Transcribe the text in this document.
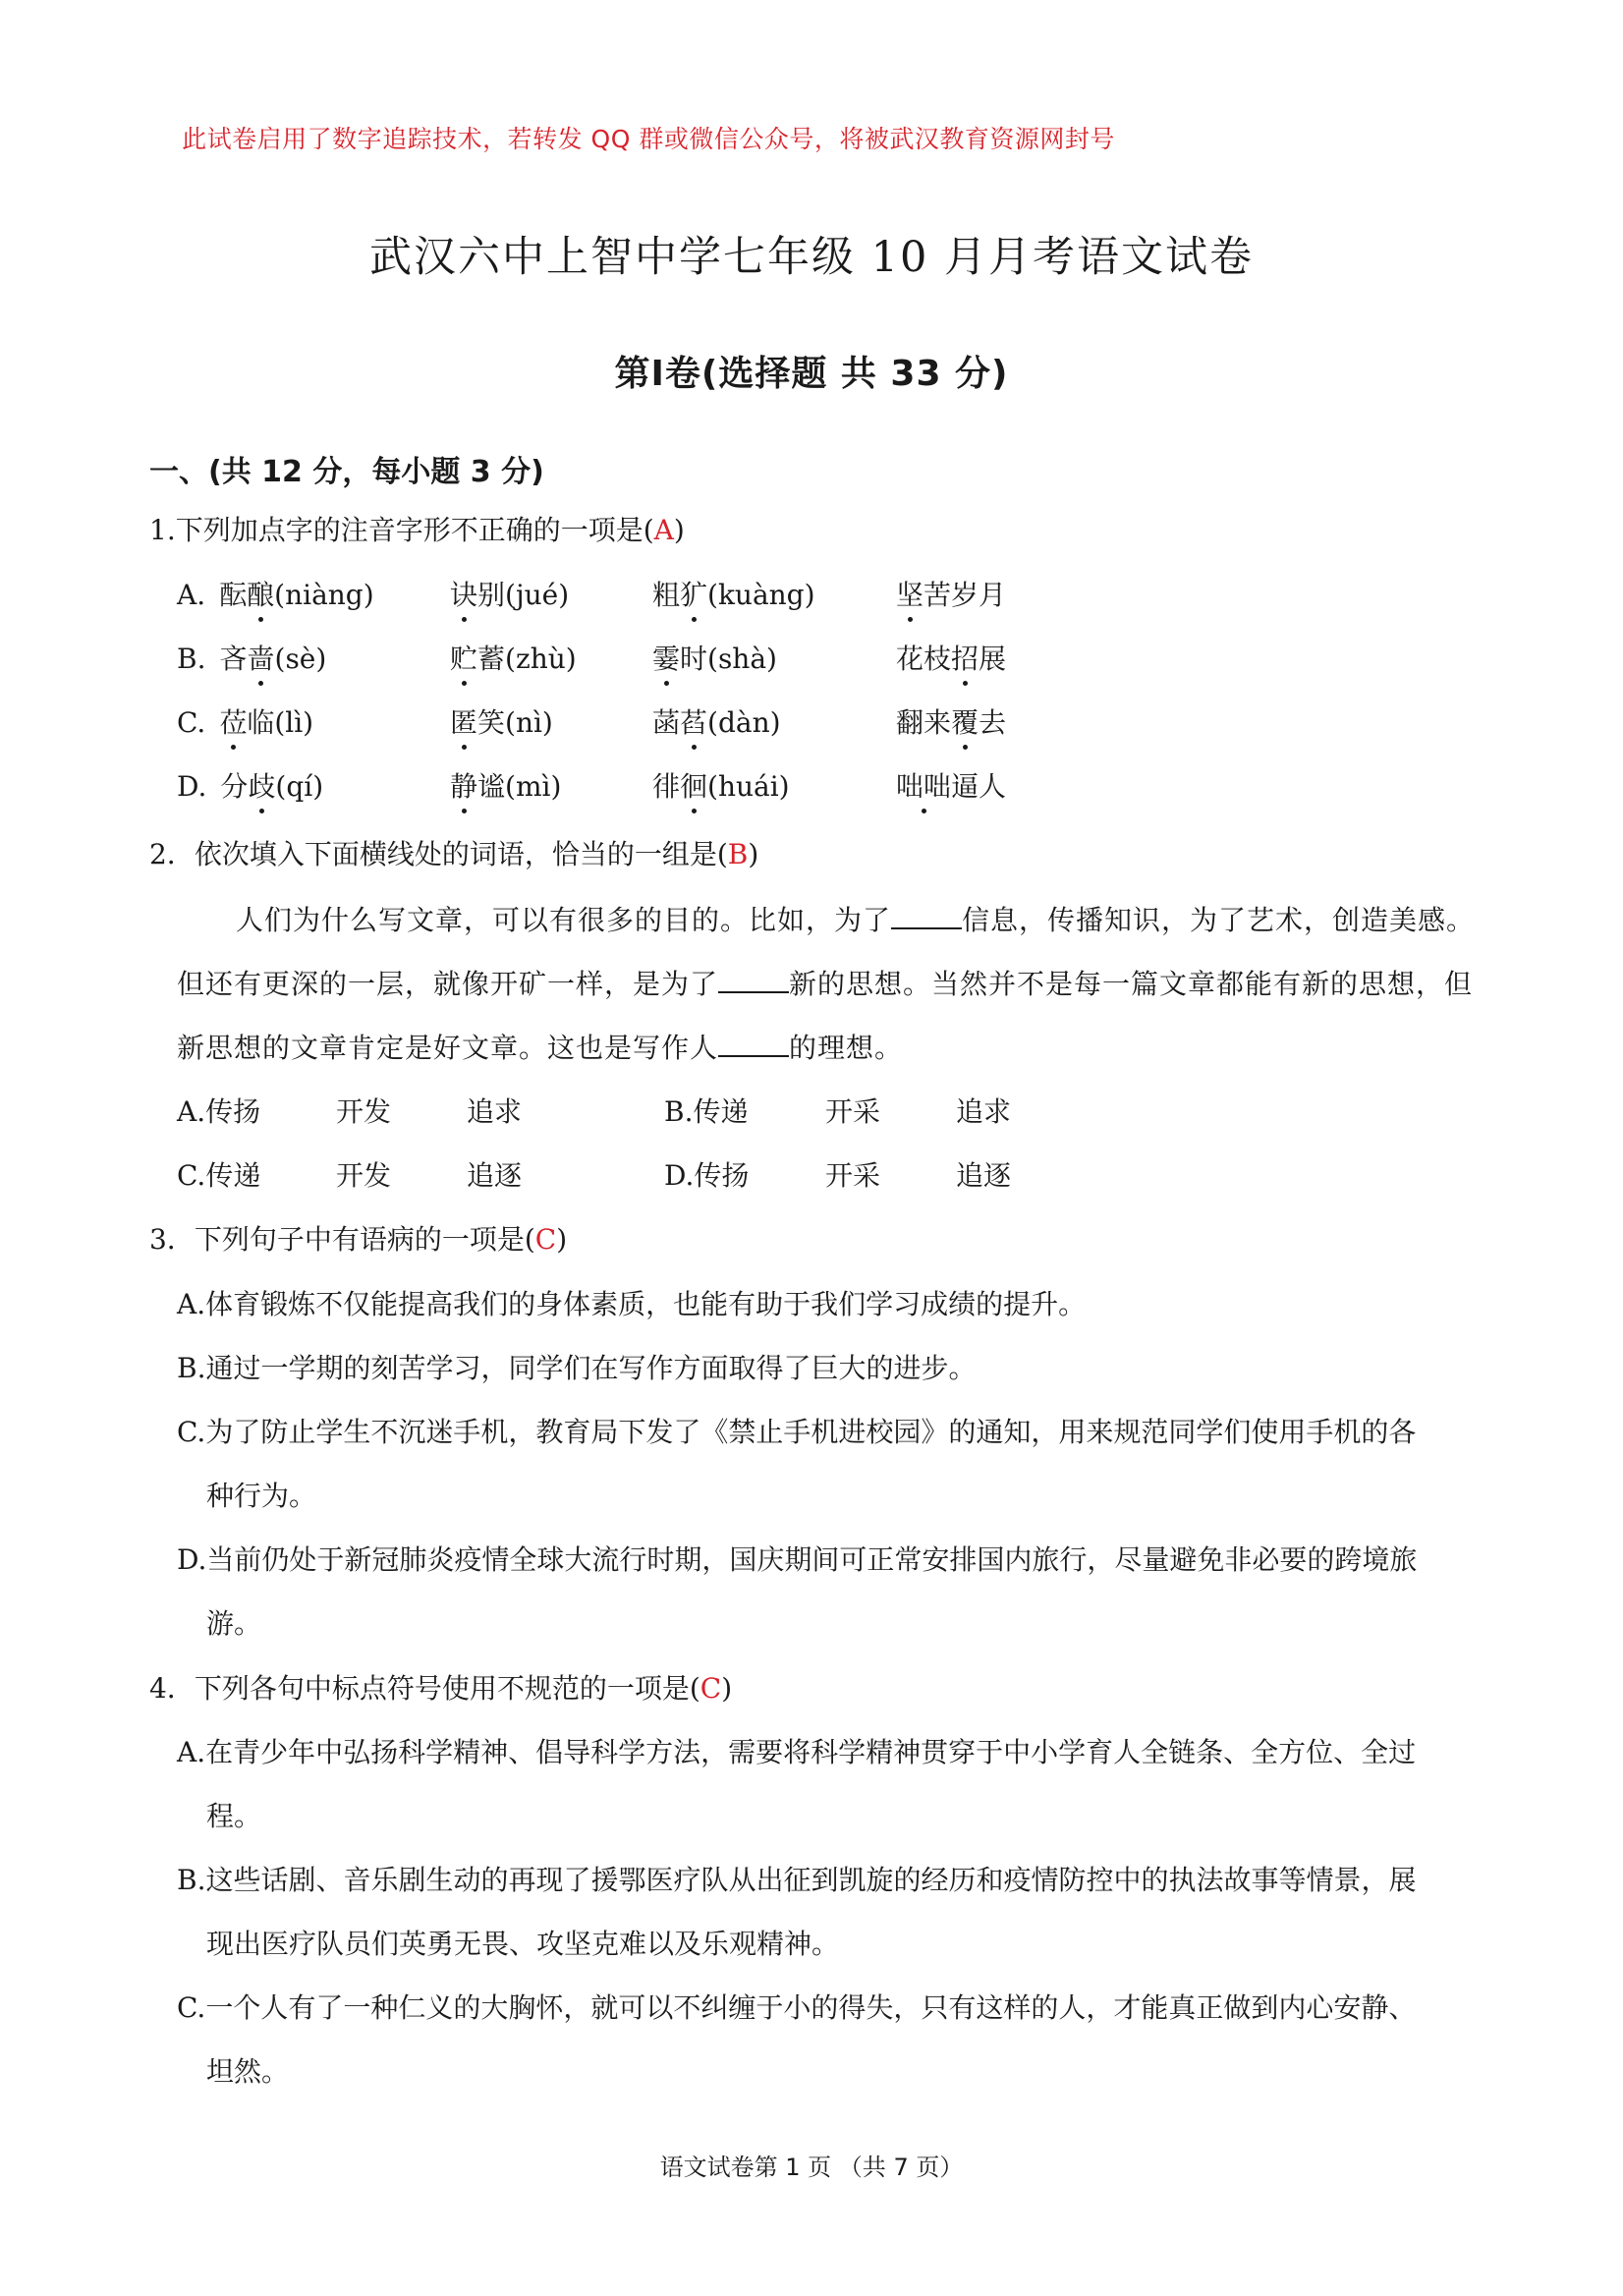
此试卷启用了数字追踪技术，若转发 QQ 群或微信公众号，将被武汉教育资源网封号
武汉六中上智中学七年级 10 月月考语文试卷
第Ⅰ卷(选择题 共 33 分)
一、(共 12 分，每小题 3 分)
1.下列加点字的注音字形不正确的一项是(A)
A. 酝酿(niàng)	诀别(jué)	粗犷(kuàng)	坚苦岁月
B. 吝啬(sè)	贮蓄(zhù)	霎时(shà)	花枝招展
C. 莅临(lì)	匿笑(nì)	菡萏(dàn)	翻来覆去
D. 分歧(qí)	静谧(mì)	徘徊(huái)	咄咄逼人
2．依次填入下面横线处的词语，恰当的一组是(B)
人们为什么写文章，可以有很多的目的。比如，为了	信息，传播知识，为了艺术，创造美感。
但还有更深的一层，就像开矿一样，是为了	新的思想。当然并不是每一篇文章都能有新的思想，但
新思想的文章肯定是好文章。这也是写作人	的理想。
A.传扬	开发	追求	B.传递	开采	追求
C.传递	开发	追逐	D.传扬	开采	追逐
3．下列句子中有语病的一项是(C)
A.体育锻炼不仅能提高我们的身体素质，也能有助于我们学习成绩的提升。
B.通过一学期的刻苦学习，同学们在写作方面取得了巨大的进步。
C.为了防止学生不沉迷手机，教育局下发了《禁止手机进校园》的通知，用来规范同学们使用手机的各
种行为。
D.当前仍处于新冠肺炎疫情全球大流行时期，国庆期间可正常安排国内旅行，尽量避免非必要的跨境旅
游。
4．下列各句中标点符号使用不规范的一项是(C)
A.在青少年中弘扬科学精神、倡导科学方法，需要将科学精神贯穿于中小学育人全链条、全方位、全过
程。
B.这些话剧、音乐剧生动的再现了援鄂医疗队从出征到凯旋的经历和疫情防控中的执法故事等情景，展
现出医疗队员们英勇无畏、攻坚克难以及乐观精神。
C.一个人有了一种仁义的大胸怀，就可以不纠缠于小的得失，只有这样的人，才能真正做到内心安静、
坦然。
语文试卷第 1 页 （共 7 页）
